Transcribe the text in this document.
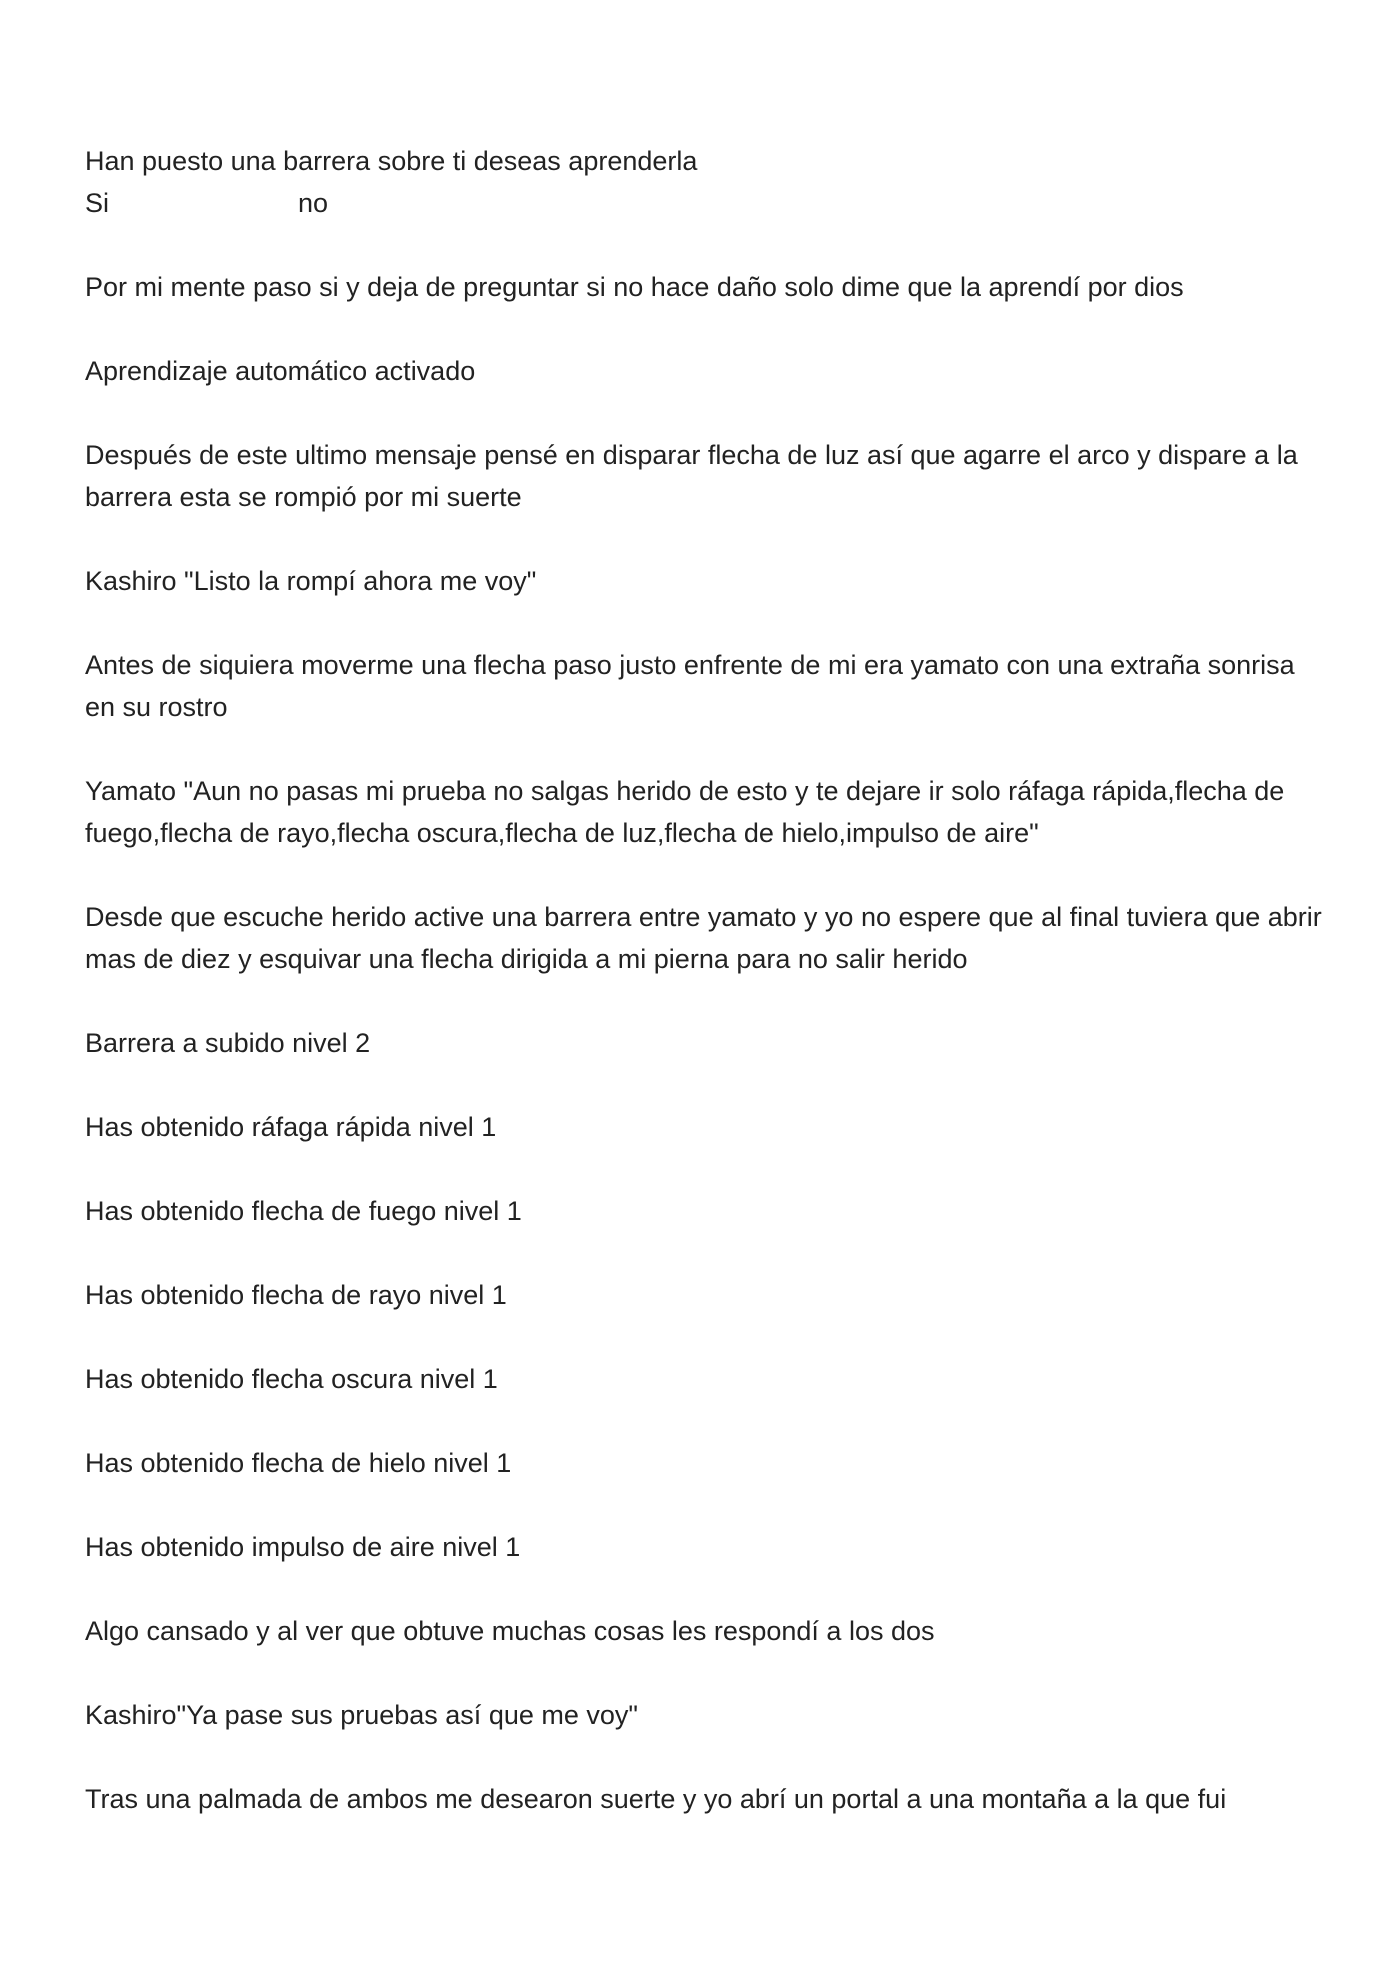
Han puesto una barrera sobre ti deseas aprenderla

Si	no

Por mi mente paso si y deja de preguntar si no hace daño solo dime que la aprendí por dios

Aprendizaje automático activado

Después de este ultimo mensaje pensé en disparar flecha de luz así que agarre el arco y dispare a la barrera esta se rompió por mi suerte

Kashiro "Listo la rompí ahora me voy"

Antes de siquiera moverme una flecha paso justo enfrente de mi era yamato con una extraña sonrisa en su rostro

Yamato "Aun no pasas mi prueba no salgas herido de esto y te dejare ir solo ráfaga rápida,flecha de fuego,flecha de rayo,flecha oscura,flecha de luz,flecha de hielo,impulso de aire"

Desde que escuche herido active una barrera entre yamato y yo no espere que al final tuviera que abrir mas de diez y esquivar una flecha dirigida a mi pierna para no salir herido

Barrera a subido nivel 2

Has obtenido ráfaga rápida nivel 1

Has obtenido flecha de fuego nivel 1

Has obtenido flecha de rayo nivel 1

Has obtenido flecha oscura nivel 1

Has obtenido flecha de hielo nivel 1

Has obtenido impulso de aire nivel 1

Algo cansado y al ver que obtuve muchas cosas les respondí a los dos

Kashiro"Ya pase sus pruebas así que me voy"

Tras una palmada de ambos me desearon suerte y yo abrí un portal a una montaña a la que fui
